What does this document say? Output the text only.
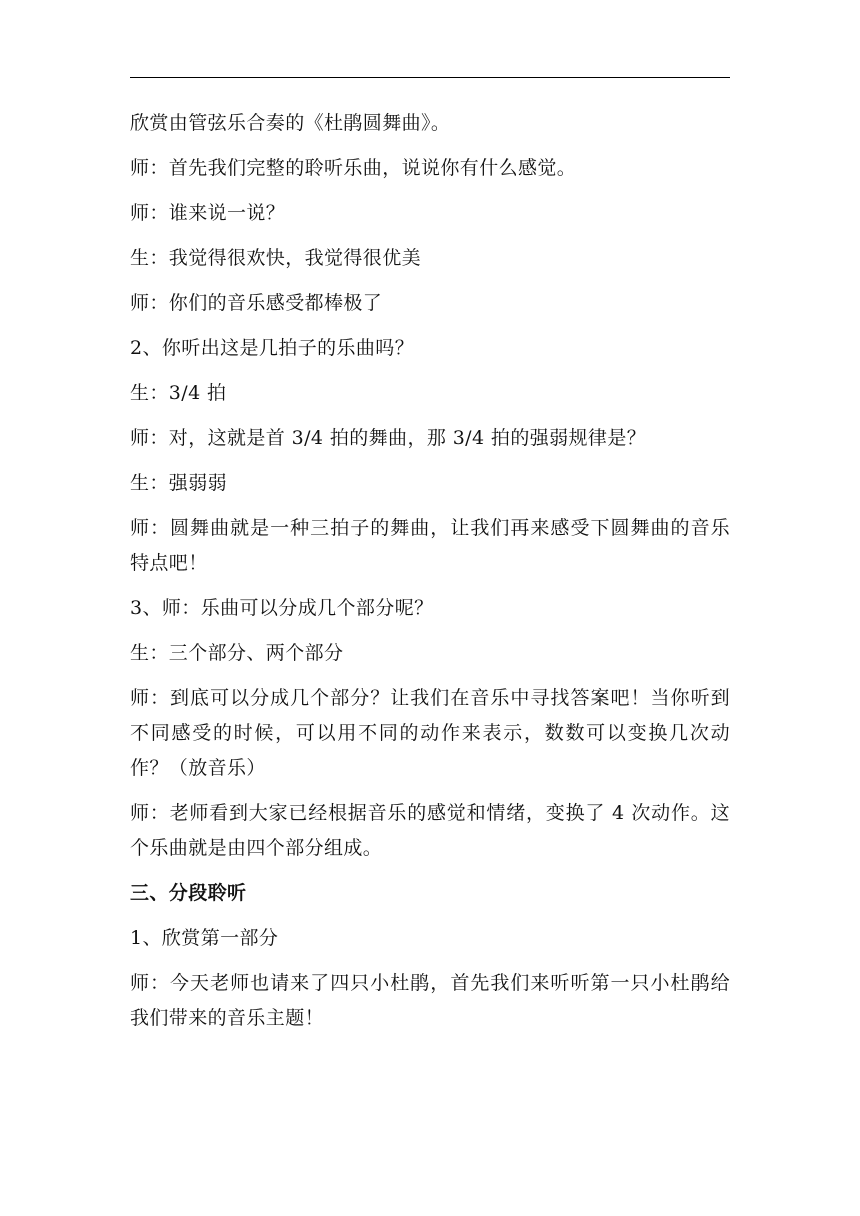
欣赏由管弦乐合奏的《杜鹃圆舞曲》。

师：首先我们完整的聆听乐曲，说说你有什么感觉。

师：谁来说一说？

生：我觉得很欢快，我觉得很优美

师：你们的音乐感受都棒极了

2、你听出这是几拍子的乐曲吗？

生：3/4 拍

师：对，这就是首 3/4 拍的舞曲，那 3/4 拍的强弱规律是？

生：强弱弱

师：圆舞曲就是一种三拍子的舞曲，让我们再来感受下圆舞曲的音乐特点吧！

3、师：乐曲可以分成几个部分呢？

生：三个部分、两个部分

师：到底可以分成几个部分？让我们在音乐中寻找答案吧！当你听到不同感受的时候，可以用不同的动作来表示，数数可以变换几次动作？（放音乐）

师：老师看到大家已经根据音乐的感觉和情绪，变换了 4 次动作。这个乐曲就是由四个部分组成。

三、分段聆听

1、欣赏第一部分

师：今天老师也请来了四只小杜鹃，首先我们来听听第一只小杜鹃给我们带来的音乐主题！
